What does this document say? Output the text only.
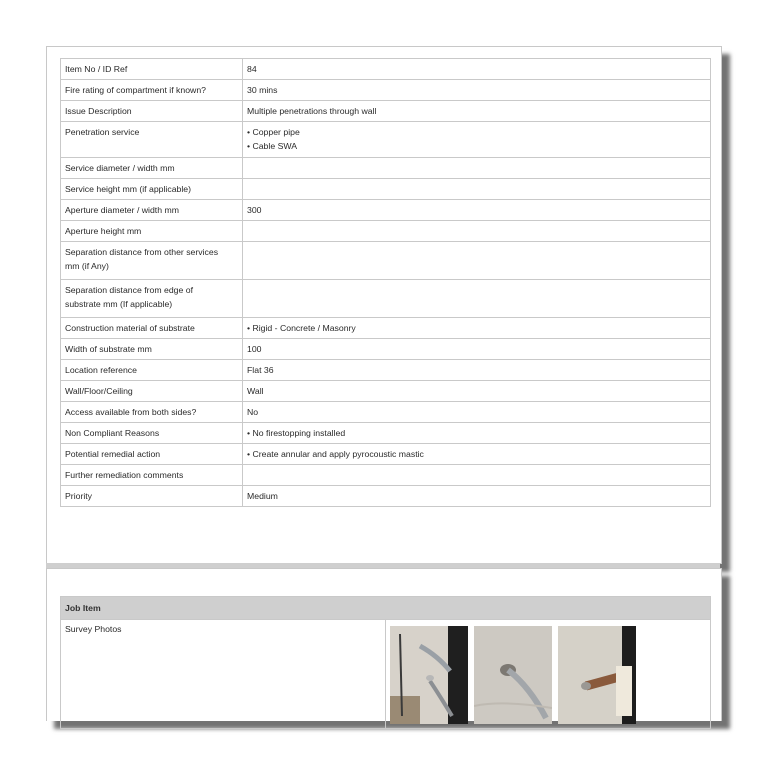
Item No / ID Ref	84
Fire rating of compartment if known?	30 mins
Issue Description	Multiple penetrations through wall
Penetration service	• Copper pipe
• Cable SWA

Service diameter / width mm	
Service height mm (if applicable)	
Aperture diameter / width mm	300
Aperture height mm	

Separation distance from other services
mm (if Any)	

Separation distance from edge of
substrate mm (If applicable)	

Construction material of substrate	• Rigid - Concrete / Masonry
Width of substrate mm	100
Location reference	Flat 36
Wall/Floor/Ceiling	Wall
Access available from both sides?	No
Non Compliant Reasons	• No firestopping installed
Potential remedial action	• Create annular and apply pyrocoustic mastic
Further remediation comments	
Priority	Medium
Job Item
Survey Photos	
